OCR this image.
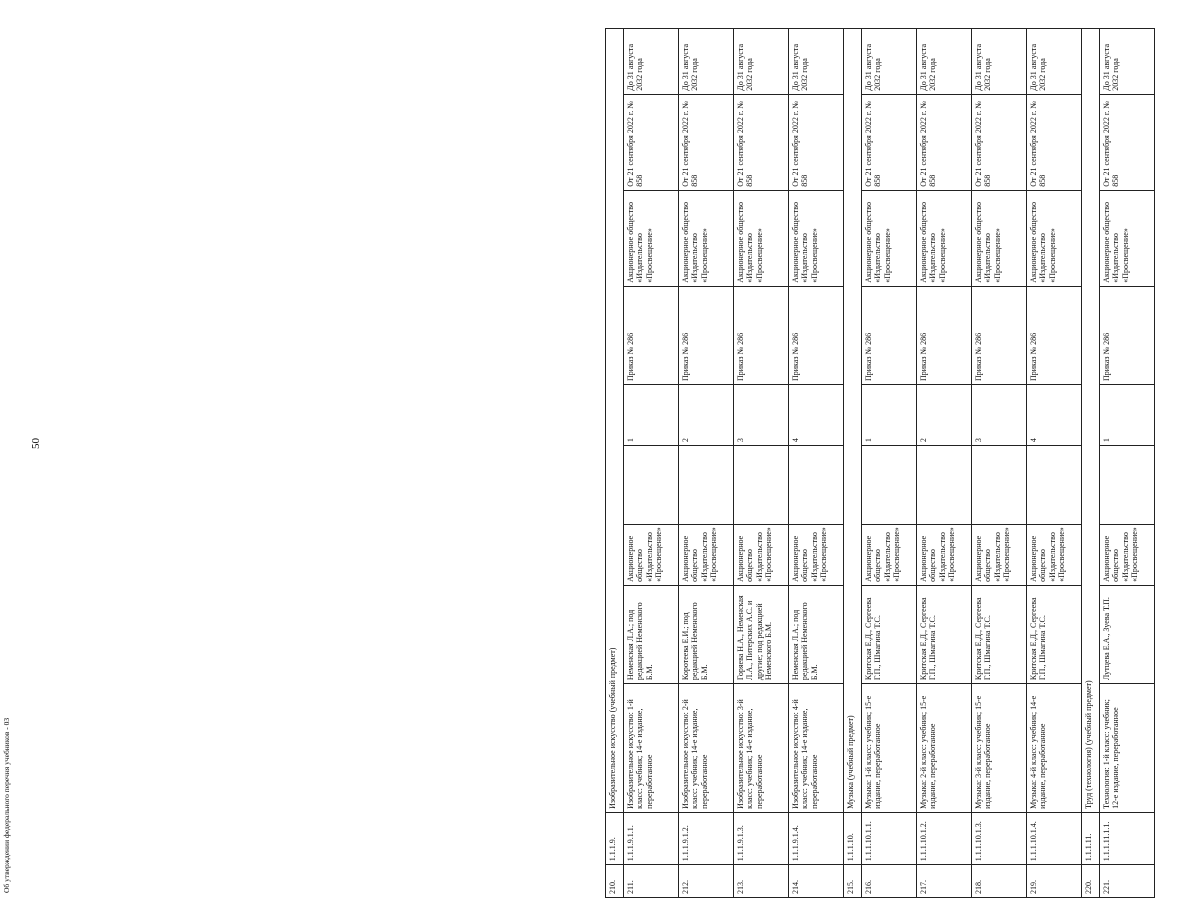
50
Об утверждении федерального перечня учебников - 03	210.	1.1.1.9.	Изобразительное искусство (учебный предмет)								
211.	1.1.1.9.1.1.	Изобразительное искусство: 1-й класс: учебник; 14-е издание, переработанное	Неменская Л.А.; под редакцией Неменского Б.М.	Акционерное общество «Издательство «Просвещение»		1	Приказ № 286	Акционерное общество «Издательство «Просвещение»	От 21 сентября 2022 г. № 858	До 31 августа 2032 года
212.	1.1.1.9.1.2.	Изобразительное искусство: 2-й класс: учебник; 14-е издание, переработанное	Коротеева Е.И.; под редакцией Неменского Б.М.	Акционерное общество «Издательство «Просвещение»		2	Приказ № 286	Акционерное общество «Издательство «Просвещение»	От 21 сентября 2022 г. № 858	До 31 августа 2032 года
213.	1.1.1.9.1.3.	Изобразительное искусство: 3-й класс: учебник; 14-е издание, переработанное	Горяева Н.А., Неменская Л.А., Питерских А.С. и другие; под редакцией Неменского Б.М.	Акционерное общество «Издательство «Просвещение»		3	Приказ № 286	Акционерное общество «Издательство «Просвещение»	От 21 сентября 2022 г. № 858	До 31 августа 2032 года
214.	1.1.1.9.1.4.	Изобразительное искусство: 4-й класс: учебник; 14-е издание, переработанное	Неменская Л.А.; под редакцией Неменского Б.М.	Акционерное общество «Издательство «Просвещение»		4	Приказ № 286	Акционерное общество «Издательство «Просвещение»	От 21 сентября 2022 г. № 858	До 31 августа 2032 года
215.	1.1.1.10.	Музыка (учебный предмет)								
216.	1.1.1.10.1.1.	Музыка: 1-й класс: учебник; 15-е издание, переработанное	Критская Е.Д., Сергеева Г.П., Шмагина Т.С.	Акционерное общество «Издательство «Просвещение»		1	Приказ № 286	Акционерное общество «Издательство «Просвещение»	От 21 сентября 2022 г. № 858	До 31 августа 2032 года
217.	1.1.1.10.1.2.	Музыка: 2-й класс: учебник; 15-е издание, переработанное	Критская Е.Д., Сергеева Г.П., Шмагина Т.С.	Акционерное общество «Издательство «Просвещение»		2	Приказ № 286	Акционерное общество «Издательство «Просвещение»	От 21 сентября 2022 г. № 858	До 31 августа 2032 года
218.	1.1.1.10.1.3.	Музыка: 3-й класс: учебник; 15-е издание, переработанное	Критская Е.Д., Сергеева Г.П., Шмагина Т.С.	Акционерное общество «Издательство «Просвещение»		3	Приказ № 286	Акционерное общество «Издательство «Просвещение»	От 21 сентября 2022 г. № 858	До 31 августа 2032 года
219.	1.1.1.10.1.4.	Музыка: 4-й класс: учебник; 14-е издание, переработанное	Критская Е.Д., Сергеева Г.П., Шмагина Т.С.	Акционерное общество «Издательство «Просвещение»		4	Приказ № 286	Акционерное общество «Издательство «Просвещение»	От 21 сентября 2022 г. № 858	До 31 августа 2032 года
220.	1.1.1.11.	Труд (технология) (учебный предмет)								
221.	1.1.1.11.1.1.	Технология: 1-й класс: учебник; 12-е издание, переработанное	Лутцева Е.А., Зуева Т.П.	Акционерное общество «Издательство «Просвещение»		1	Приказ № 286	Акционерное общество «Издательство «Просвещение»	От 21 сентября 2022 г. № 858	До 31 августа 2032 года
